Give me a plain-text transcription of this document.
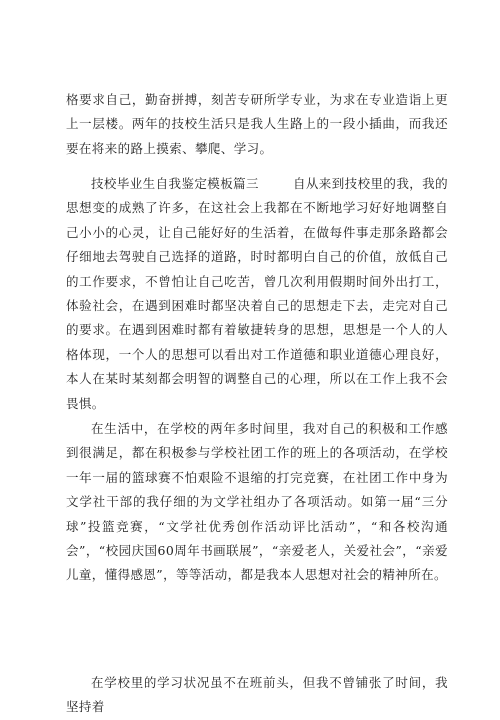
格要求自己，勤奋拼搏，刻苦专研所学专业，为求在专业造诣上更上一层楼。两年的技校生活只是我人生路上的一段小插曲，而我还要在将来的路上摸索、攀爬、学习。

技校毕业生自我鉴定模板篇三	自从来到技校里的我，我的思想变的成熟了许多，在这社会上我都在不断地学习好好地调整自己小小的心灵，让自己能好好的生活着，在做每件事走那条路都会仔细地去驾驶自己选择的道路，时时都明白自己的价值，放低自己的工作要求，不曾怕让自己吃苦，曾几次利用假期时间外出打工，体验社会，在遇到困难时都坚决着自己的思想走下去，走完对自己的要求。在遇到困难时都有着敏捷转身的思想，思想是一个人的人格体现，一个人的思想可以看出对工作道德和职业道德心理良好，本人在某时某刻都会明智的调整自己的心理，所以在工作上我不会畏惧。

在生活中，在学校的两年多时间里，我对自己的积极和工作感到很满足，都在积极参与学校社团工作的班上的各项活动，在学校一年一届的篮球赛不怕艰险不退缩的打完竞赛，在社团工作中身为文学社干部的我仔细的为文学社组办了各项活动。如第一届“三分球”投篮竞赛，“文学社优秀创作活动评比活动”，“和各校沟通会”，“校园庆国60周年书画联展”，“亲爱老人，关爱社会”，“亲爱儿童，懂得感恩”，等等活动，都是我本人思想对社会的精神所在。

在学校里的学习状况虽不在班前头，但我不曾铺张了时间，我坚持着
